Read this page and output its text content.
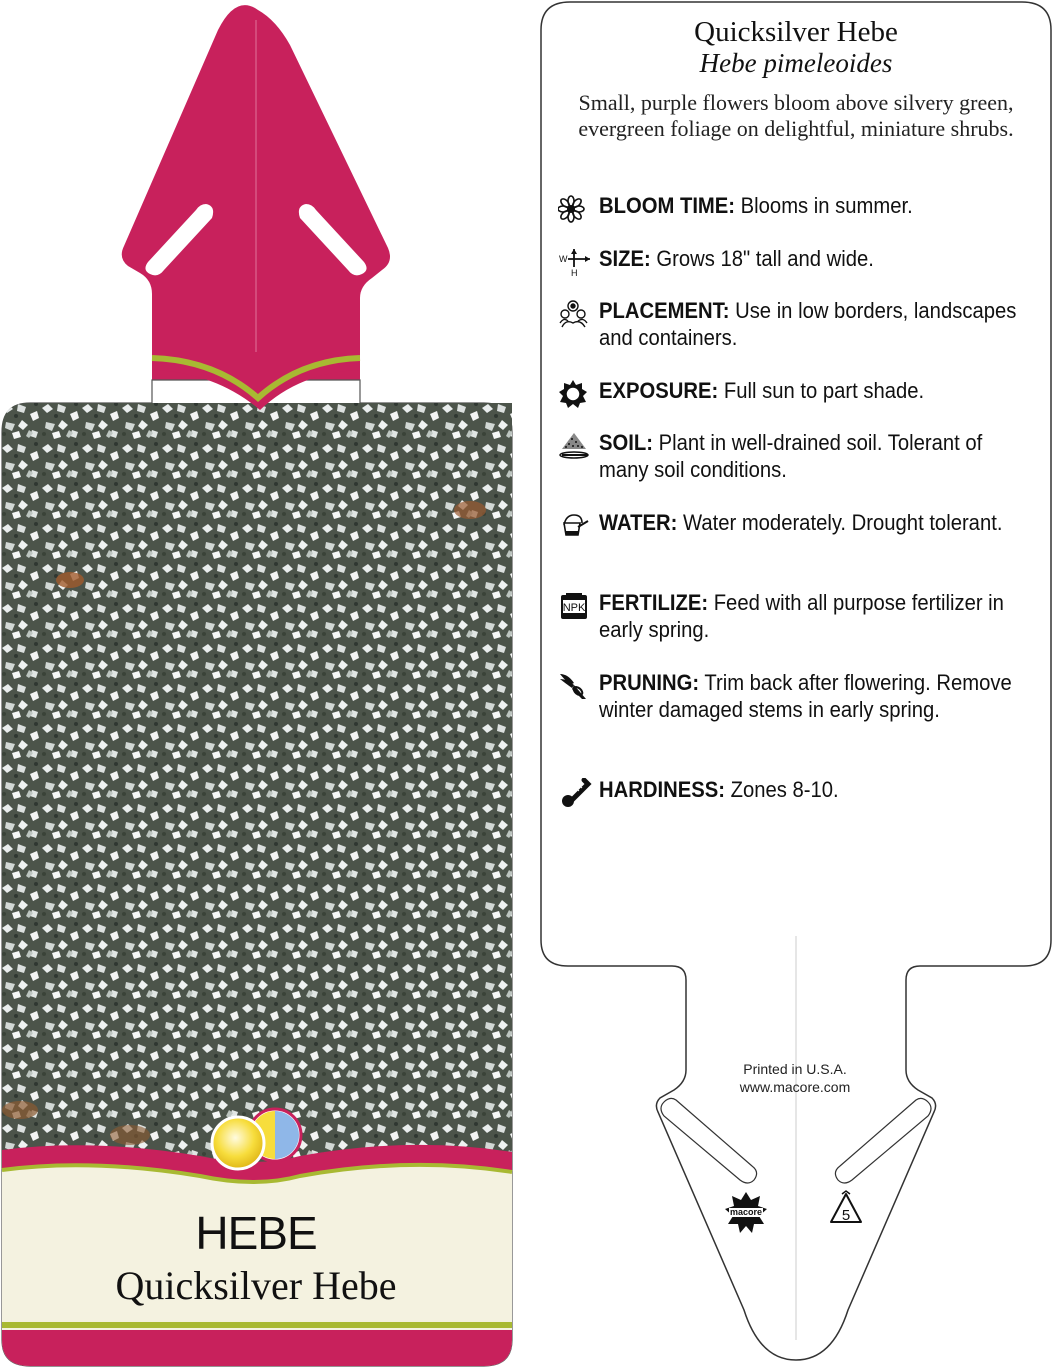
HEBE
Quicksilver Hebe
macore	5
Quicksilver Hebe
Hebe pimeleoides
Small, purple flowers bloom above silvery green, evergreen foliage on delightful, miniature shrubs.
BLOOM TIME: Blooms in summer.
W
H
SIZE: Grows 18" tall and wide.
PLACEMENT: Use in low borders, landscapes and containers.
EXPOSURE: Full sun to part shade.
SOIL: Plant in well-drained soil. Tolerant of many soil conditions.
WATER: Water moderately. Drought tolerant.
NPK FERTILIZE: Feed with all purpose fertilizer in early spring.
PRUNING: Trim back after flowering. Remove winter damaged stems in early spring.
HARDINESS: Zones 8-10.
Printed in U.S.A.
www.macore.com
